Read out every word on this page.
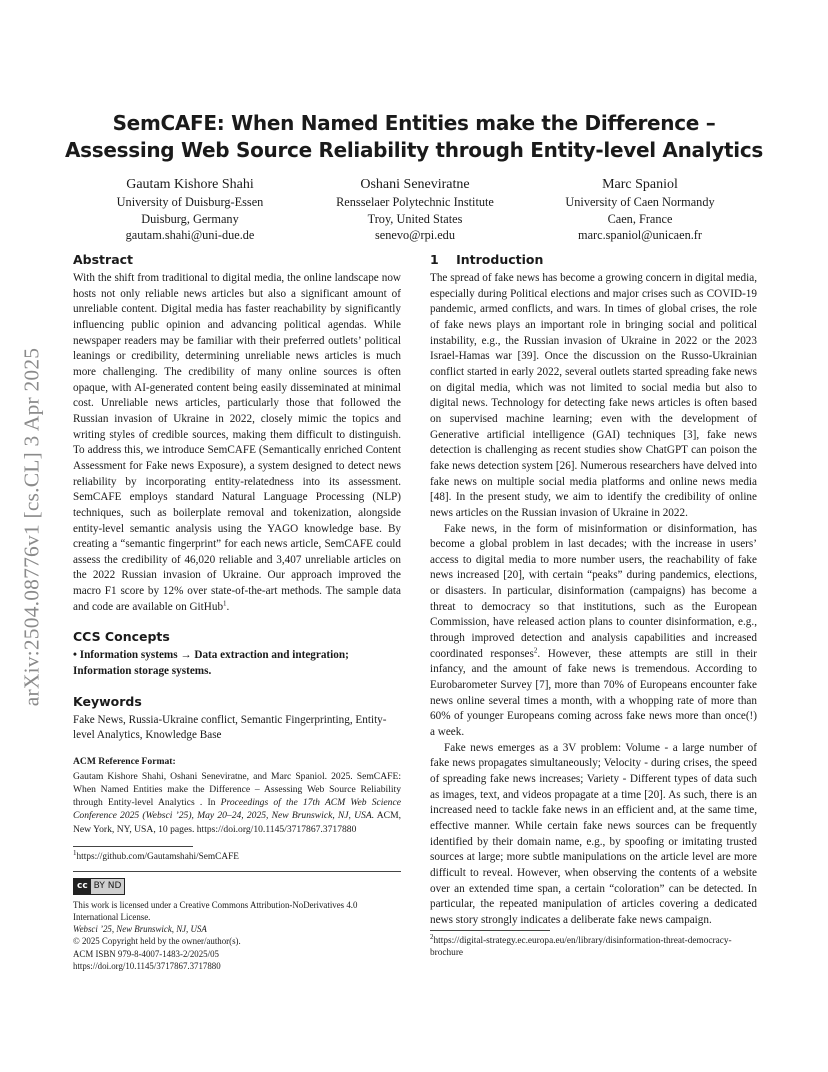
arXiv:2504.08776v1 [cs.CL] 3 Apr 2025
SemCAFE: When Named Entities make the Difference –
Assessing Web Source Reliability through Entity-level Analytics
Gautam Kishore Shahi
University of Duisburg-Essen
Duisburg, Germany
gautam.shahi@uni-due.de
Oshani Seneviratne
Rensselaer Polytechnic Institute
Troy, United States
senevo@rpi.edu
Marc Spaniol
University of Caen Normandy
Caen, France
marc.spaniol@unicaen.fr
Abstract

With the shift from traditional to digital media, the online landscape now hosts not only reliable news articles but also a significant amount of unreliable content. Digital media has faster reachability by significantly influencing public opinion and advancing political agendas. While newspaper readers may be familiar with their preferred outlets’ political leanings or credibility, determining unreliable news articles is much more challenging. The credibility of many online sources is often opaque, with AI-generated content being easily disseminated at minimal cost. Unreliable news articles, particularly those that followed the Russian invasion of Ukraine in 2022, closely mimic the topics and writing styles of credible sources, making them difficult to distinguish. To address this, we introduce SemCAFE (Semantically enriched Content Assessment for Fake news Exposure), a system designed to detect news reliability by incorporating entity-relatedness into its assessment. SemCAFE employs standard Natural Language Processing (NLP) techniques, such as boilerplate removal and tokenization, alongside entity-level semantic analysis using the YAGO knowledge base. By creating a “semantic fingerprint” for each news article, SemCAFE could assess the credibility of 46,020 reliable and 3,407 unreliable articles on the 2022 Russian invasion of Ukraine. Our approach improved the macro F1 score by 12% over state-of-the-art methods. The sample data and code are available on GitHub$^1$.

CCS Concepts

• Information systems → Data extraction and integration; Information storage systems.

Keywords

Fake News, Russia-Ukraine conflict, Semantic Fingerprinting, Entity-level Analytics, Knowledge Base

ACM Reference Format:

Gautam Kishore Shahi, Oshani Seneviratne, and Marc Spaniol. 2025. SemCAFE: When Named Entities make the Difference – Assessing Web Source Reliability through Entity-level Analytics . In Proceedings of the 17th ACM Web Science Conference 2025 (Websci ’25), May 20–24, 2025, New Brunswick, NJ, USA. ACM, New York, NY, USA, 10 pages. https://doi.org/10.1145/3717867.3717880

$^1$https://github.com/Gautamshahi/SemCAFE
cc BY ND
This work is licensed under a Creative Commons Attribution-NoDerivatives 4.0 International License.
Websci ’25, New Brunswick, NJ, USA
© 2025 Copyright held by the owner/author(s).
ACM ISBN 979-8-4007-1483-2/2025/05
https://doi.org/10.1145/3717867.3717880
1    Introduction

The spread of fake news has become a growing concern in digital media, especially during Political elections and major crises such as COVID-19 pandemic, armed conflicts, and wars. In times of global crises, the role of fake news plays an important role in bringing social and political instability, e.g., the Russian invasion of Ukraine in 2022 or the 2023 Israel-Hamas war [39]. Once the discussion on the Russo-Ukrainian conflict started in early 2022, several outlets started spreading fake news on digital media, which was not limited to social media but also to digital news. Technology for detecting fake news articles is often based on supervised machine learning; even with the development of Generative artificial intelligence (GAI) techniques [3], fake news detection is challenging as recent studies show ChatGPT can poison the fake news detection system [26]. Numerous researchers have delved into fake news on multiple social media platforms and online news media [48]. In the present study, we aim to identify the credibility of online news articles on the Russian invasion of Ukraine in 2022.

Fake news, in the form of misinformation or disinformation, has become a global problem in last decades; with the increase in users’ access to digital media to more number users, the reachability of fake news increased [20], with certain “peaks” during pandemics, elections, or disasters. In particular, disinformation (campaigns) has become a threat to democracy so that institutions, such as the European Commission, have released action plans to counter disinformation, e.g., through improved detection and analysis capabilities and increased coordinated responses$^2$. However, these attempts are still in their infancy, and the amount of fake news is tremendous. According to Eurobarometer Survey [7], more than 70% of Europeans encounter fake news online several times a month, with a whopping rate of more than 60% of younger Europeans coming across fake news more than once(!) a week.

Fake news emerges as a 3V problem: Volume - a large number of fake news propagates simultaneously; Velocity - during crises, the speed of spreading fake news increases; Variety - Different types of data such as images, text, and videos propagate at a time [20]. As such, there is an increased need to tackle fake news in an efficient and, at the same time, effective manner. While certain fake news sources can be frequently identified by their domain name, e.g., by spoofing or imitating trusted sources at large; more subtle manipulations on the article level are more difficult to reveal. However, when observing the contents of a website over an extended time span, a certain “coloration” can be detected. In particular, the repeated manipulation of articles covering a dedicated news story strongly indicates a deliberate fake news campaign.

$^2$https://digital-strategy.ec.europa.eu/en/library/disinformation-threat-democracy-brochure
